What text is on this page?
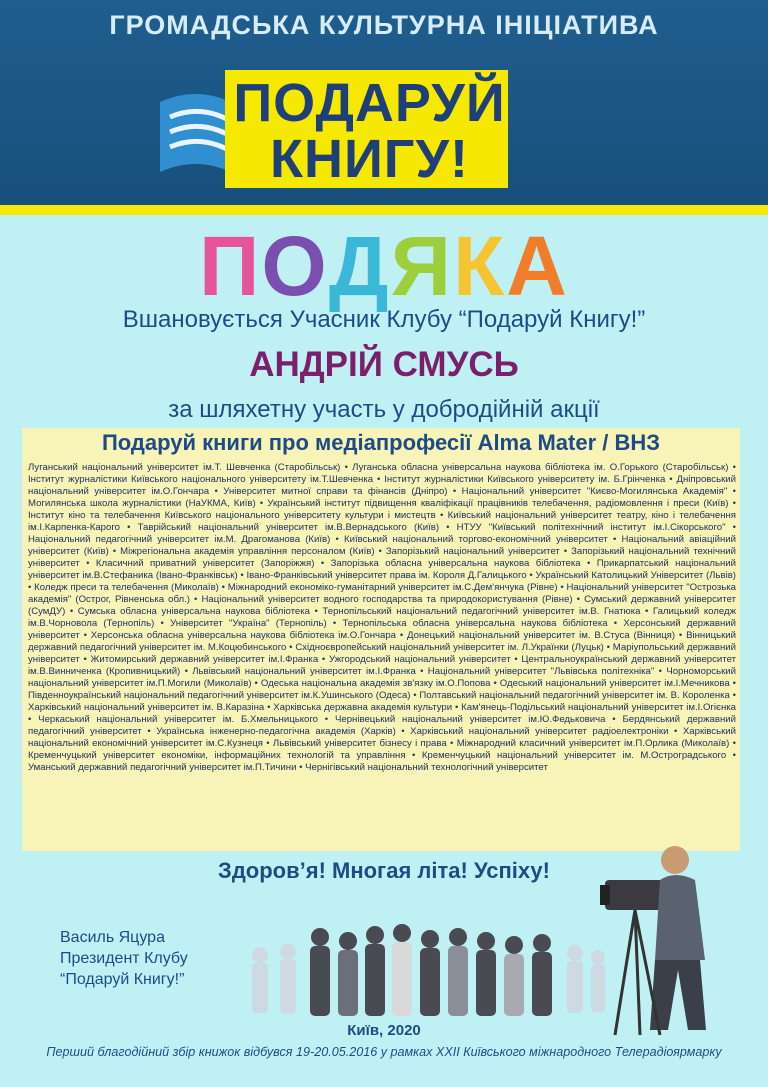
ГРОМАДСЬКА КУЛЬТУРНА ІНІЦІАТИВА
ПОДАРУЙ
КНИГУ!
ПОДЯКА
Вшановується Учасник Клубу “Подаруй Книгу!”
АНДРІЙ СМУСЬ
за шляхетну участь у добродійній акції
Подаруй книги про медіапрофесії Alma Mater / ВНЗ

Луганський національний університет ім.Т. Шевченка (Старобільськ) • Луганська обласна універсальна наукова бібліотека ім. О.Горького (Старобільськ) • Інститут журналістики Київського національного університету ім.Т.Шевченка • Інститут журналістики Київського університету ім. Б.Грінченка • Дніпровський національний університет ім.О.Гончара • Університет митної справи та фінансів (Дніпро) • Національний університет "Києво-Могилянська Академія" • Могилянська школа журналістики (НаУКМА, Київ) • Український інститут підвищення кваліфікації працівників телебачення, радіомовлення і преси (Київ) • Інститут кіно та телебачення Київського національного університету культури і мистецтв • Київський національний університет театру, кіно і телебачення ім.І.Карпенка-Карого • Таврійський національний університет ім.В.Вернадського (Київ) • НТУУ "Київський політехнічний інститут ім.І.Сікорського" • Національний педагогічний університет ім.М. Драгоманова (Київ) • Київський національний торгово-економічний університет • Національний авіаційний університет (Київ) • Міжрегіональна академія управління персоналом (Київ) • Запорізький національний університет • Запорізький національний технічний університет • Класичний приватний університет (Запоріжжя) • Запорізька обласна універсальна наукова бібліотека • Прикарпатський національний університет ім.В.Стефаника (Івано-Франківськ) • Івано-Франківський університет права ім. Короля Д.Галицького • Український Католицький Університет (Львів) • Коледж преси та телебачення (Миколаїв) • Міжнародний економіко-гуманітарний університет ім.С.Дем'янчука (Рівне) • Національний університет "Острозька академія" (Острог, Рівненська обл.) • Національний університет водного господарства та природокористування (Рівне) • Сумський державний університет (СумДУ) • Сумська обласна універсальна наукова бібліотека • Тернопільський національний педагогічний університет ім.В. Гнатюка • Галицький коледж ім.В.Чорновола (Тернопіль) • Університет "Україна" (Тернопіль) • Тернопільська обласна універсальна наукова бібліотека • Херсонський державний університет • Херсонська обласна універсальна наукова бібліотека ім.О.Гончара • Донецький національний університет ім. В.Стуса (Вінниця) • Вінницький державний педагогічний університет ім. М.Коцюбинського • Східноєвропейський національний університет ім. Л.Українки (Луцьк) • Маріупольський державний університет • Житомирський державний університет ім.І.Франка • Ужгородський національний університет • Центральноукраїнський державний університет ім.В.Винниченка (Кропивницький) • Львівський національний університет ім.І.Франка • Національний університет "Львівська політехніка" • Чорноморський національний університет ім.П.Могили (Миколаїв) • Одеська національна академія зв'язку ім.О.Попова • Одеський національний університет ім.І.Мечникова • Південноукраїнський національний педагогічний університет ім.К.Ушинського (Одеса) • Полтавський національний педагогічний університет ім. В. Короленка • Харківський національний університет ім. В.Каразіна • Харківська державна академія культури • Кам'янець-Подільський національний університет ім.І.Огієнка • Черкаський національний університет ім. Б.Хмельницького • Чернівецький національний університет ім.Ю.Федьковича • Бердянський державний педагогічний університет • Українська інженерно-педагогічна академія (Харків) • Харківський національний університет радіоелектроніки • Харківський національний економічний університет ім.С.Кузнеця • Львівський університет бізнесу і права • Міжнародний класичний університет ім.П.Орлика (Миколаїв) • Кременчуцький університет економіки, інформаційних технологій та управління • Кременчуцький національний університет ім. М.Остроградського • Уманський державний педагогічний університет ім.П.Тичини • Чернігівський національний технологічний університет

Здоров’я! Многая літа! Успіху!
Василь Яцура
Президент Клубу
“Подаруй Книгу!”
Київ, 2020
Перший благодійний збір книжок відбувся 19-20.05.2016 у рамках XXII Київського міжнародного Телерадіоярмарку
